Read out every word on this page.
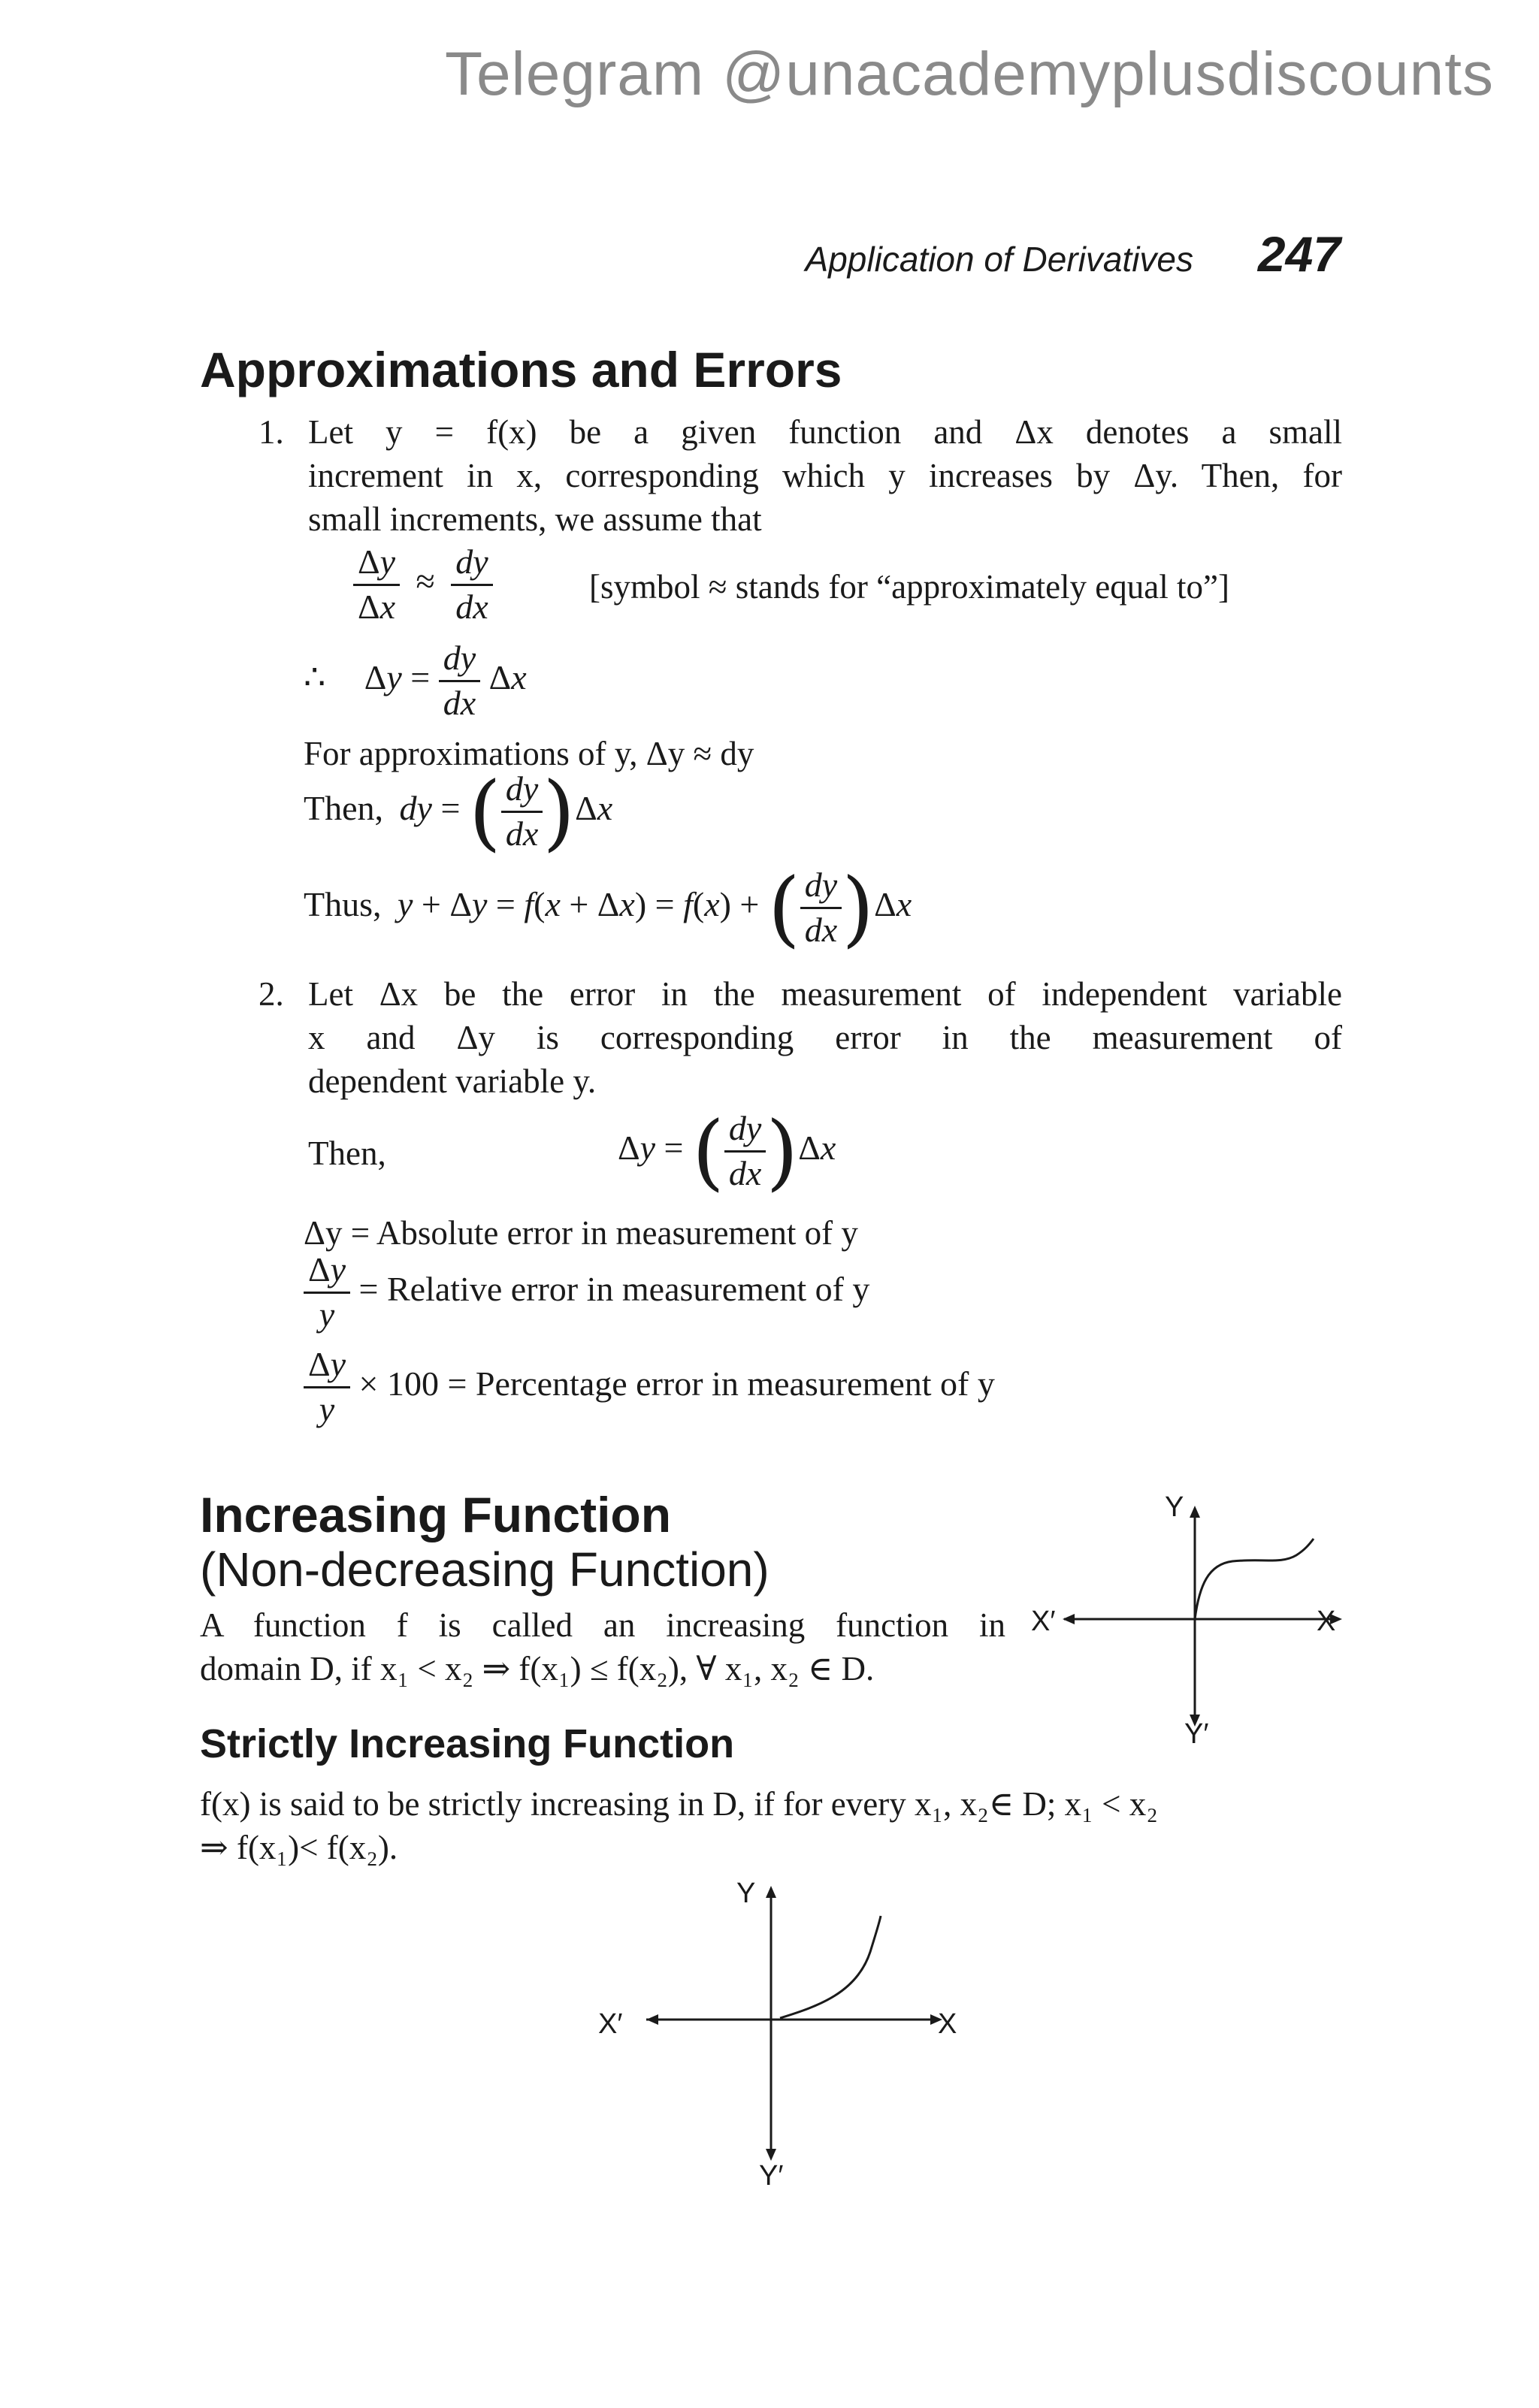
Telegram @unacademyplusdiscounts
Application of Derivatives 247
Approximations and Errors
1. Let y = f(x) be a given function and Δx denotes a small
increment in x, corresponding which y increases by Δy. Then, for
small increments, we assume that
$\frac{\Delta y}{\Delta x} \approx \frac{dy}{dx}$	[symbol ≈ stands for “approximately equal to”]
∴ $\Delta y = \frac{dy}{dx}$ Δx
For approximations of y, Δy ≈ dy
Then, dy = ( $\frac{dy}{dx} )\Delta x$
Thus, y + Δy = f(x + Δx) = f(x) + ( $\frac{dy}{dx} )\Delta x$
2. Let Δx be the error in the measurement of independent variable
x and Δy is corresponding error in the measurement of
dependent variable y.
Then,	Δy = ( $\frac{dy}{dx} )\Delta x$
Δy = Absolute error in measurement of y
$\frac{\Delta y}{y}$ = Relative error in measurement of y
$\frac{\Delta y}{y} \times 100$ = Percentage error in measurement of y
Increasing Function
(Non-decreasing Function)
A function f is called an increasing function in
domain D, if x₁ < x₂ ⇒ f(x₁) ≤ f(x₂), ∀ x₁, x₂ ∈ D.
Y
Y′
X
X′
Strictly Increasing Function
f(x) is said to be strictly increasing in D, if for every x₁, x₂∈ D; x₁ < x₂
⇒ f(x₁)< f(x₂).
Y
Y′
X
X′
